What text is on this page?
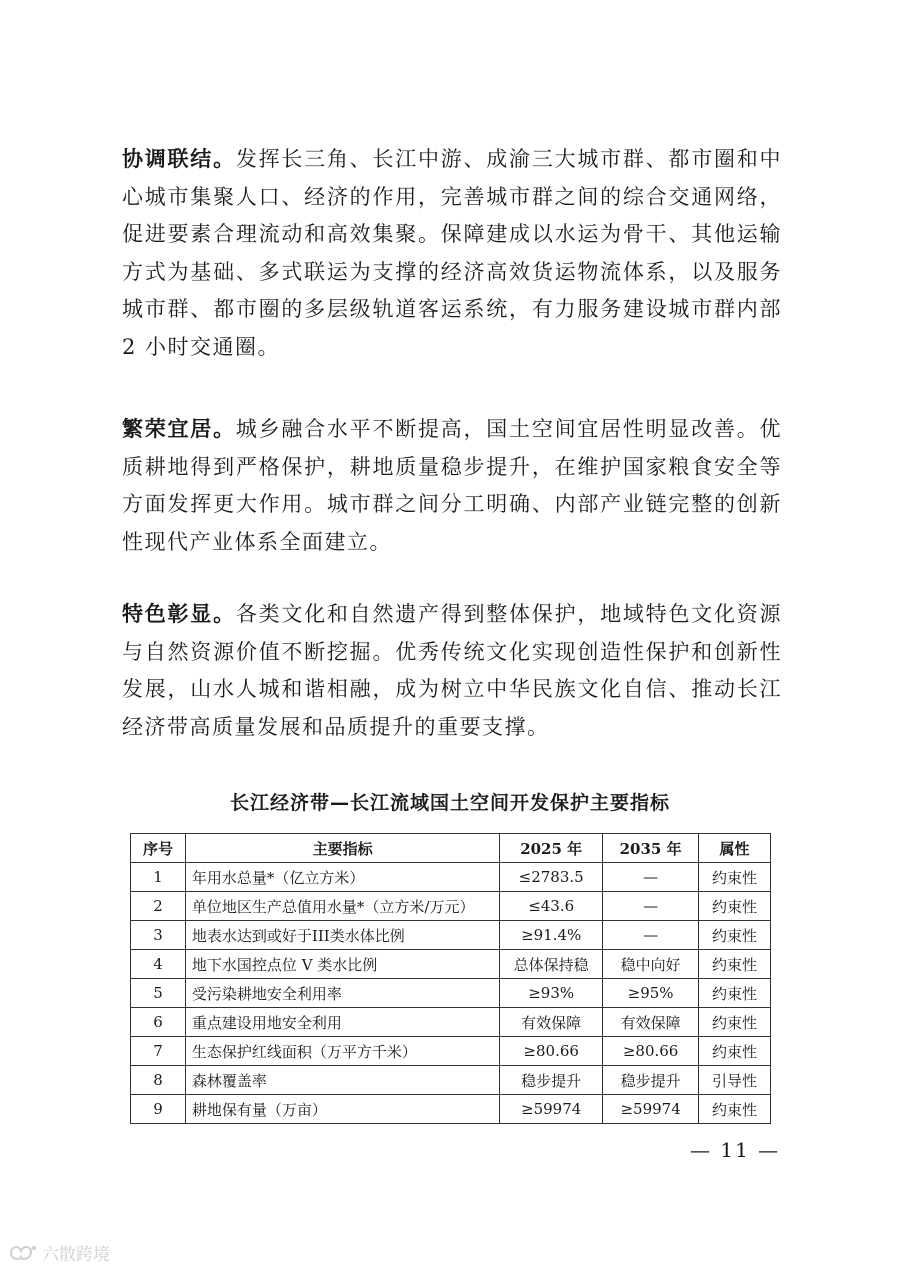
协调联结。发挥长三角、长江中游、成渝三大城市群、都市圈和中心城市集聚人口、经济的作用，完善城市群之间的综合交通网络，促进要素合理流动和高效集聚。保障建成以水运为骨干、其他运输方式为基础、多式联运为支撑的经济高效货运物流体系，以及服务城市群、都市圈的多层级轨道客运系统，有力服务建设城市群内部 2 小时交通圈。

繁荣宜居。城乡融合水平不断提高，国土空间宜居性明显改善。优质耕地得到严格保护，耕地质量稳步提升，在维护国家粮食安全等方面发挥更大作用。城市群之间分工明确、内部产业链完整的创新性现代产业体系全面建立。

特色彰显。各类文化和自然遗产得到整体保护，地域特色文化资源与自然资源价值不断挖掘。优秀传统文化实现创造性保护和创新性发展，山水人城和谐相融，成为树立中华民族文化自信、推动长江经济带高质量发展和品质提升的重要支撑。

长江经济带—长江流域国土空间开发保护主要指标
序号	主要指标	2025 年	2035 年	属性
1	年用水总量*（亿立方米）	≤2783.5	—	约束性
2	单位地区生产总值用水量*（立方米/万元）	≤43.6	—	约束性
3	地表水达到或好于III类水体比例	≥91.4%	—	约束性
4	地下水国控点位 V 类水比例	总体保持稳	稳中向好	约束性
5	受污染耕地安全利用率	≥93%	≥95%	约束性
6	重点建设用地安全利用	有效保障	有效保障	约束性
7	生态保护红线面积（万平方千米）	≥80.66	≥80.66	约束性
8	森林覆盖率	稳步提升	稳步提升	引导性
9	耕地保有量（万亩）	≥59974	≥59974	约束性
— 11 —
六散跨境
